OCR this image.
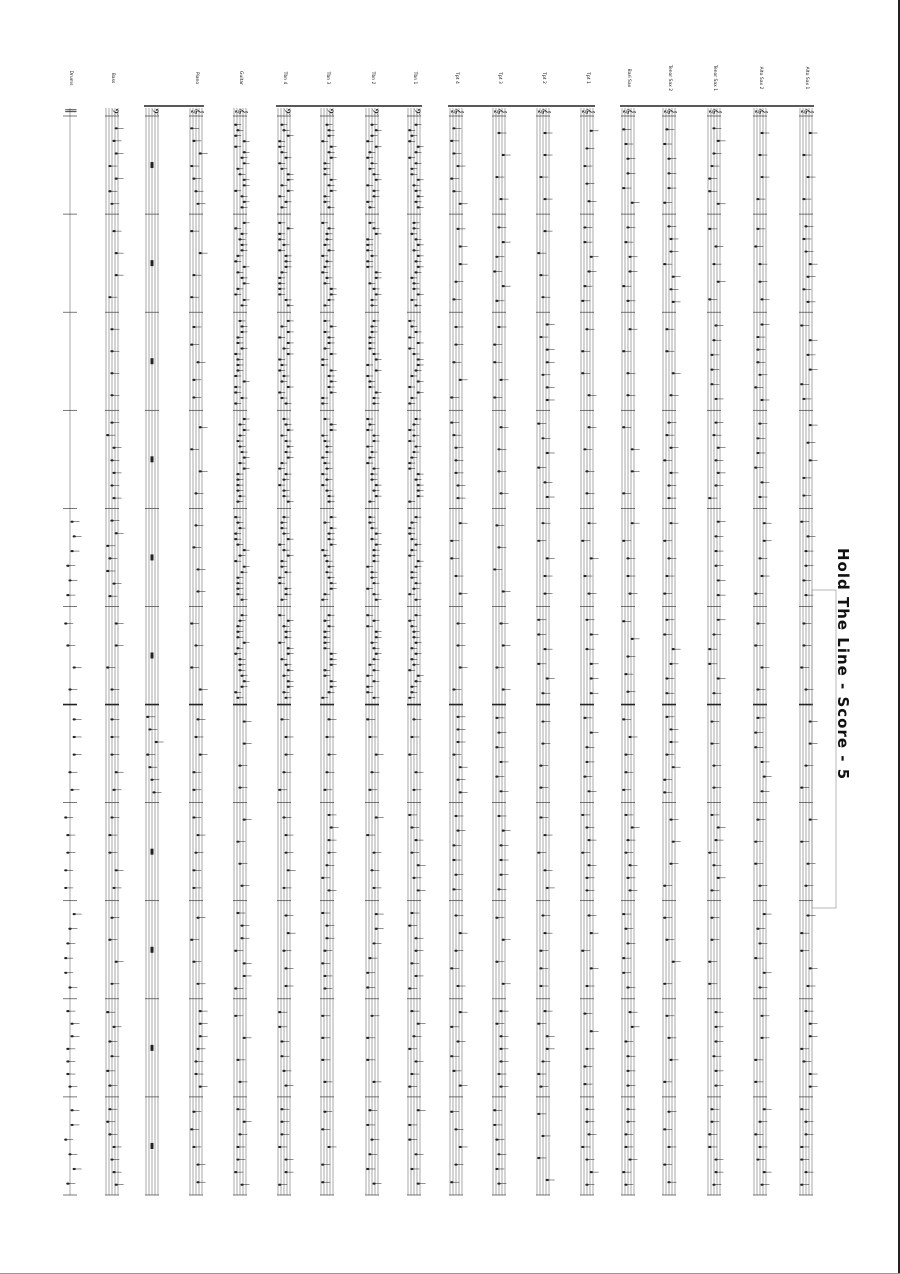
Hold The Line - Score - 5
𝄞
Alto Sax 1
𝄞
Alto Sax 2
𝄞
Tenor Sax 1
𝄞
Tenor Sax 2
𝄞
Bari Sax
𝄞
Tpt 1
𝄞
Tpt 2
𝄞
Tpt 3
𝄞
Tpt 4
𝄢
Tbn 1
𝄢
Tbn 2
𝄢
Tbn 3
𝄢
Tbn 4
𝄞
Guitar
𝄞
Piano
𝄢
Bass
‖
Drums
𝄢
